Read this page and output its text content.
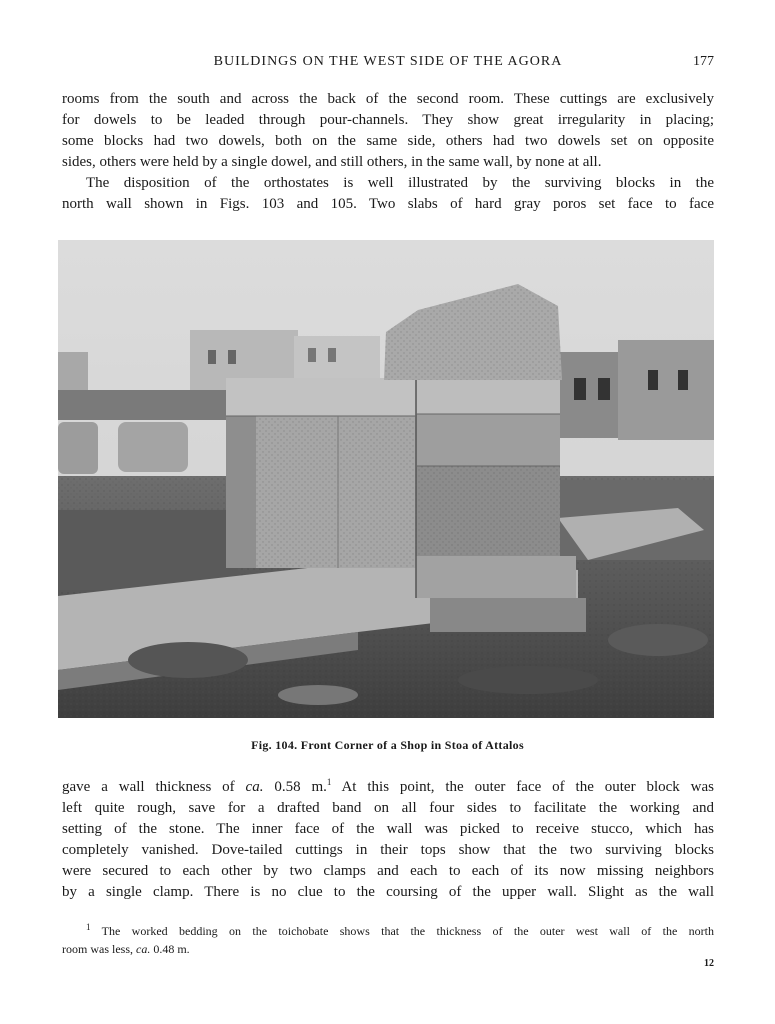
BUILDINGS ON THE WEST SIDE OF THE AGORA	177
rooms from the south and across the back of the second room. These cuttings are exclusively
for dowels to be leaded through pour-channels. They show great irregularity in placing;
some blocks had two dowels, both on the same side, others had two dowels set on opposite
sides, others were held by a single dowel, and still others, in the same wall, by none at all.
The disposition of the orthostates is well illustrated by the surviving blocks in the
north wall shown in Figs. 103 and 105. Two slabs of hard gray poros set face to face
Fig. 104. Front Corner of a Shop in Stoa of Attalos
gave a wall thickness of ca. 0.58 m.$^1$ At this point, the outer face of the outer block was
left quite rough, save for a drafted band on all four sides to facilitate the working and
setting of the stone. The inner face of the wall was picked to receive stucco, which has
completely vanished. Dove-tailed cuttings in their tops show that the two surviving blocks
were secured to each other by two clamps and each to each of its now missing neighbors
by a single clamp. There is no clue to the coursing of the upper wall. Slight as the wall
$^1$ The worked bedding on the toichobate shows that the thickness of the outer west wall of the north
room was less, ca. 0.48 m.
12
